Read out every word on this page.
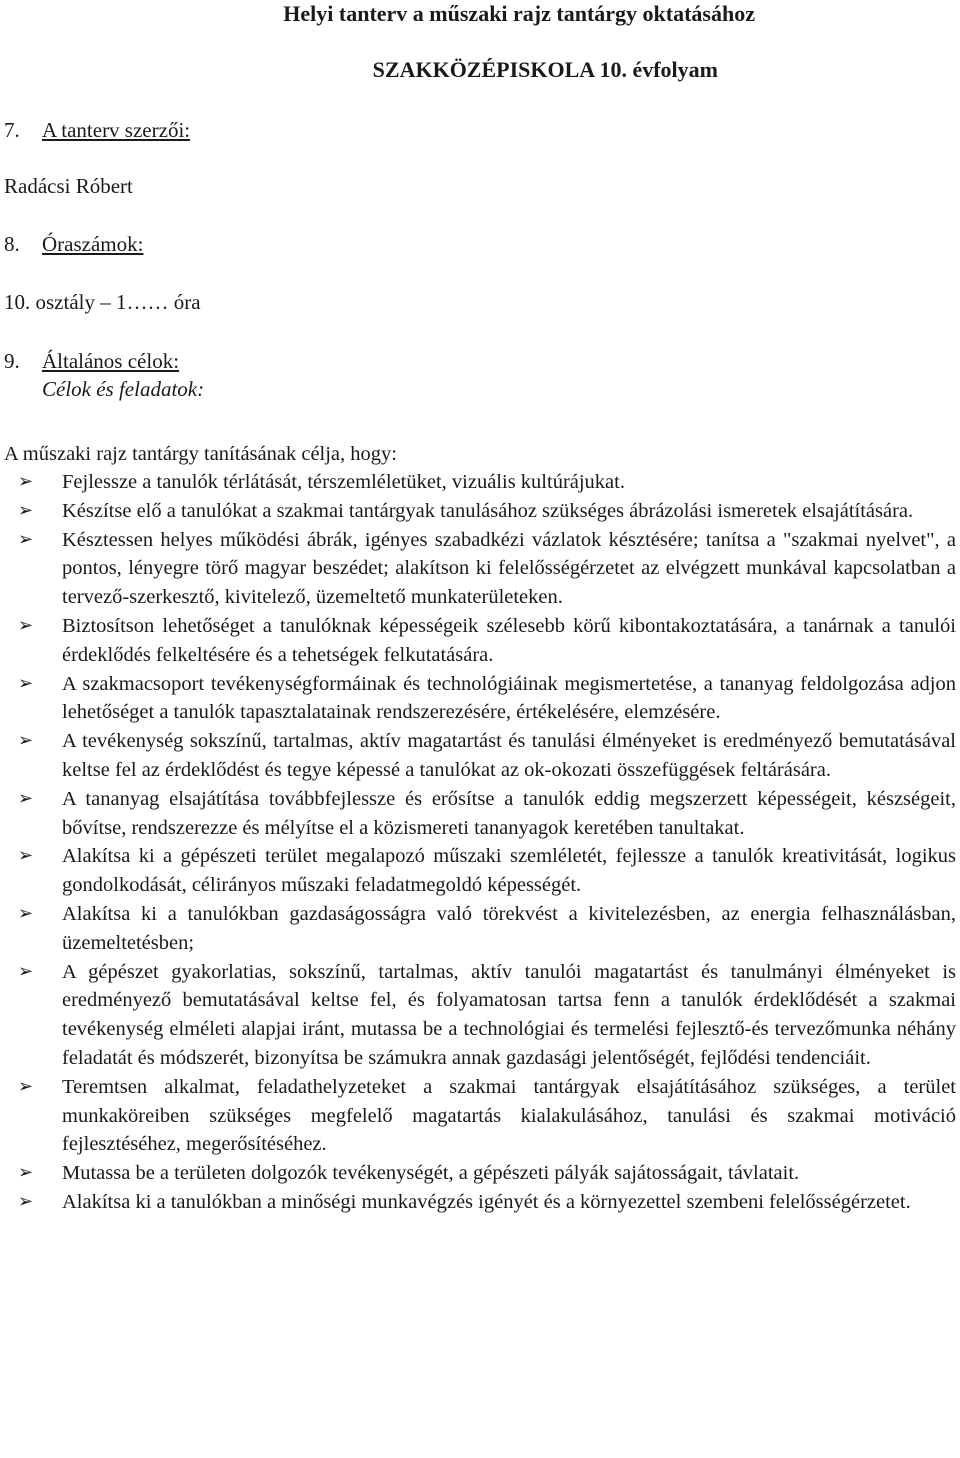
Helyi tanterv a műszaki rajz tantárgy oktatásához
SZAKKÖZÉPISKOLA 10. évfolyam
7. A tanterv szerzői:
Radácsi Róbert
8. Óraszámok:
10. osztály – 1…… óra
9. Általános célok:
Célok és feladatok:
A műszaki rajz tantárgy tanításának célja, hogy:
➢ Fejlessze a tanulók térlátását, térszemléletüket, vizuális kultúrájukat.
➢ Készítse elő a tanulókat a szakmai tantárgyak tanulásához szükséges ábrázolási ismeretek elsajátítására.
➢ Késztessen helyes működési ábrák, igényes szabadkézi vázlatok késztésére; tanítsa a "szakmai nyelvet", a pontos, lényegre törő magyar beszédet; alakítson ki felelősségérzetet az elvégzett munkával kapcsolatban a tervező-szerkesztő, kivitelező, üzemeltető munkaterületeken.
➢ Biztosítson lehetőséget a tanulóknak képességeik szélesebb körű kibontakoztatására, a tanárnak a tanulói érdeklődés felkeltésére és a tehetségek felkutatására.
➢ A szakmacsoport tevékenységformáinak és technológiáinak megismertetése, a tananyag feldolgozása adjon lehetőséget a tanulók tapasztalatainak rendszerezésére, értékelésére, elemzésére.
➢ A tevékenység sokszínű, tartalmas, aktív magatartást és tanulási élményeket is eredményező bemutatásával keltse fel az érdeklődést és tegye képessé a tanulókat az ok-okozati összefüggések feltárására.
➢ A tananyag elsajátítása továbbfejlessze és erősítse a tanulók eddig megszerzett képességeit, készségeit, bővítse, rendszerezze és mélyítse el a közismereti tananyagok keretében tanultakat.
➢ Alakítsa ki a gépészeti terület megalapozó műszaki szemléletét, fejlessze a tanulók kreativitását, logikus gondolkodását, célirányos műszaki feladatmegoldó képességét.
➢ Alakítsa ki a tanulókban gazdaságosságra való törekvést a kivitelezésben, az energia felhasználásban, üzemeltetésben;
➢ A gépészet gyakorlatias, sokszínű, tartalmas, aktív tanulói magatartást és tanulmányi élményeket is eredményező bemutatásával keltse fel, és folyamatosan tartsa fenn a tanulók érdeklődését a szakmai tevékenység elméleti alapjai iránt, mutassa be a technológiai és termelési fejlesztő-és tervezőmunka néhány feladatát és módszerét, bizonyítsa be számukra annak gazdasági jelentőségét, fejlődési tendenciáit.
➢ Teremtsen alkalmat, feladathelyzeteket a szakmai tantárgyak elsajátításához szükséges, a terület munkaköreiben szükséges megfelelő magatartás kialakulásához, tanulási és szakmai motiváció fejlesztéséhez, megerősítéséhez.
➢ Mutassa be a területen dolgozók tevékenységét, a gépészeti pályák sajátosságait, távlatait.
➢ Alakítsa ki a tanulókban a minőségi munkavégzés igényét és a környezettel szembeni felelősségérzetet.
